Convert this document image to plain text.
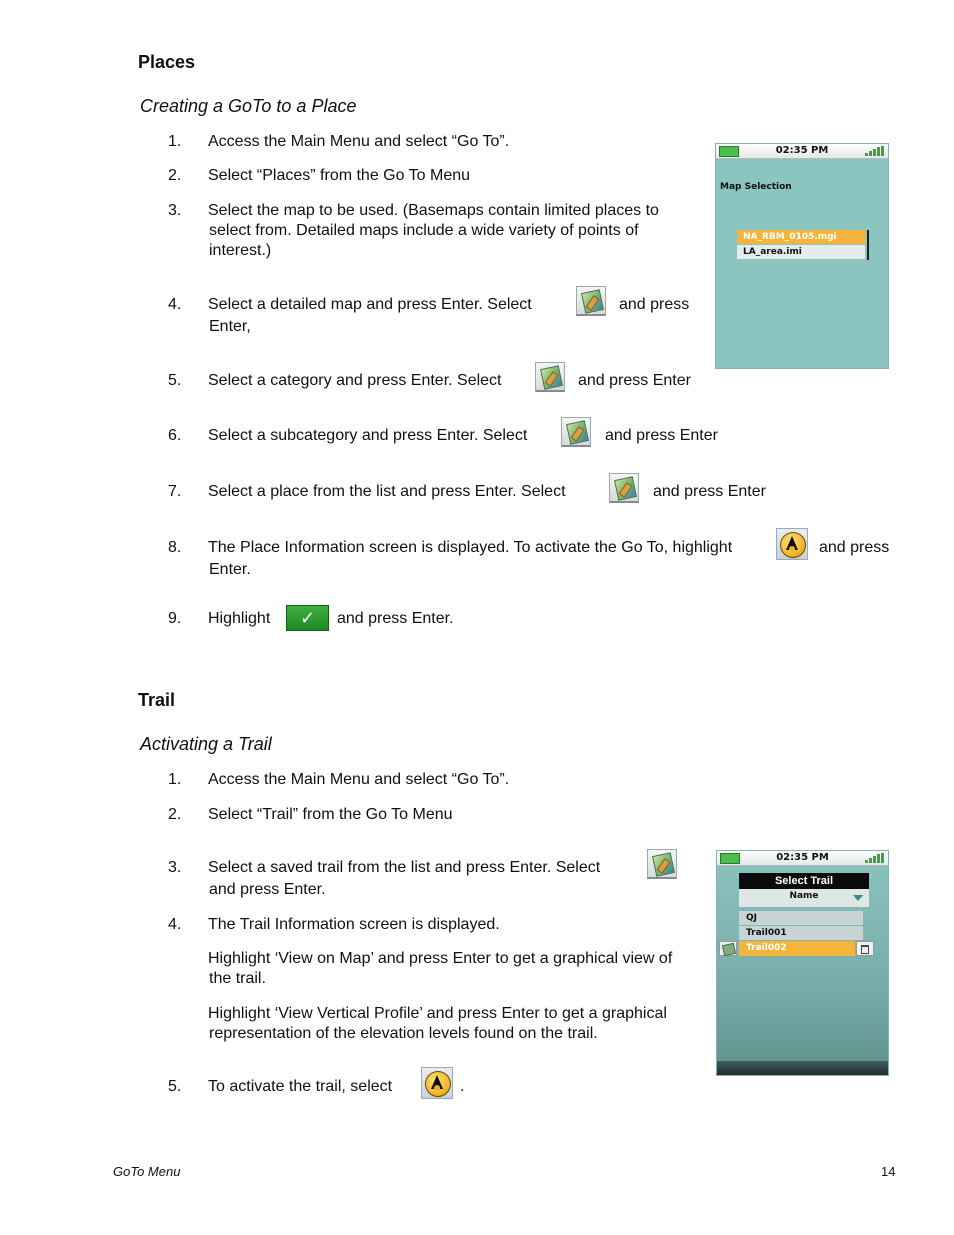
Places
Creating a GoTo to a Place
1. Access the Main Menu and select “Go To”.
2. Select “Places” from the Go To Menu
3. Select the map to be used. (Basemaps contain limited places to
select from. Detailed maps include a wide variety of points of
interest.)
4. Select a detailed map and press Enter. Select	and press
Enter,
5. Select a category and press Enter. Select	and press Enter
6. Select a subcategory and press Enter. Select	and press Enter
7. Select a place from the list and press Enter. Select	and press Enter
8. The Place Information screen is displayed. To activate the Go To, highlight	and press
Enter.
9. Highlight	✓	and press Enter.
02:35 PM
Map Selection
NA_RBM_0105.mgi
LA_area.imi
Trail
Activating a Trail
1. Access the Main Menu and select “Go To”.
2. Select “Trail” from the Go To Menu
3. Select a saved trail from the list and press Enter. Select
and press Enter.
4. The Trail Information screen is displayed.
Highlight ‘View on Map’ and press Enter to get a graphical view of
the trail.
Highlight ‘View Vertical Profile’ and press Enter to get a graphical
representation of the elevation levels found on the trail.
5. To activate the trail, select	.
02:35 PM
Select Trail
Name
QJ
Trail001
Trail002
GoTo Menu	14
